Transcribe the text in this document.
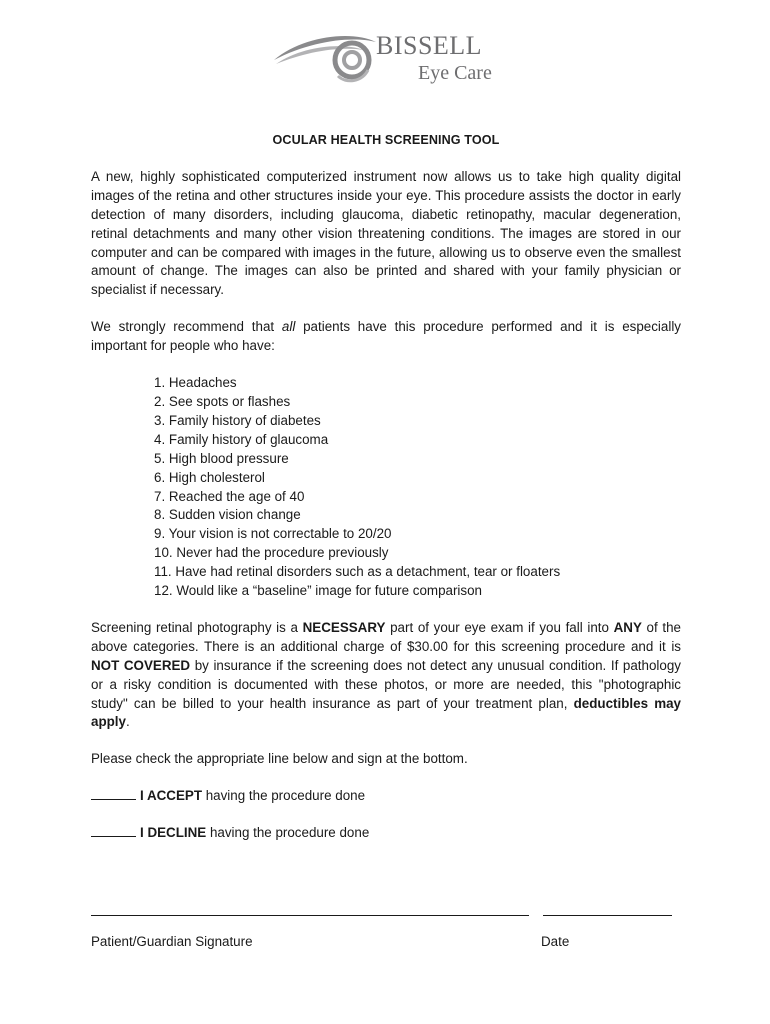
BISSELL
Eye Care
OCULAR HEALTH SCREENING TOOL

A new, highly sophisticated computerized instrument now allows us to take high quality digital images of the retina and other structures inside your eye. This procedure assists the doctor in early detection of many disorders, including glaucoma, diabetic retinopathy, macular degeneration, retinal detachments and many other vision threatening conditions. The images are stored in our computer and can be compared with images in the future, allowing us to observe even the smallest amount of change. The images can also be printed and shared with your family physician or specialist if necessary.

We strongly recommend that all patients have this procedure performed and it is especially important for people who have:

1. Headaches
2. See spots or flashes
3. Family history of diabetes
4. Family history of glaucoma
5. High blood pressure
6. High cholesterol
7. Reached the age of 40
8. Sudden vision change
9. Your vision is not correctable to 20/20
10. Never had the procedure previously
11. Have had retinal disorders such as a detachment, tear or floaters
12. Would like a “baseline” image for future comparison

Screening retinal photography is a NECESSARY part of your eye exam if you fall into ANY of the above categories. There is an additional charge of $30.00 for this screening procedure and it is NOT COVERED by insurance if the screening does not detect any unusual condition. If pathology or a risky condition is documented with these photos, or more are needed, this "photographic study" can be billed to your health insurance as part of your treatment plan, deductibles may apply.

Please check the appropriate line below and sign at the bottom.

I ACCEPT having the procedure done
I DECLINE having the procedure done
Patient/Guardian Signature	Date
